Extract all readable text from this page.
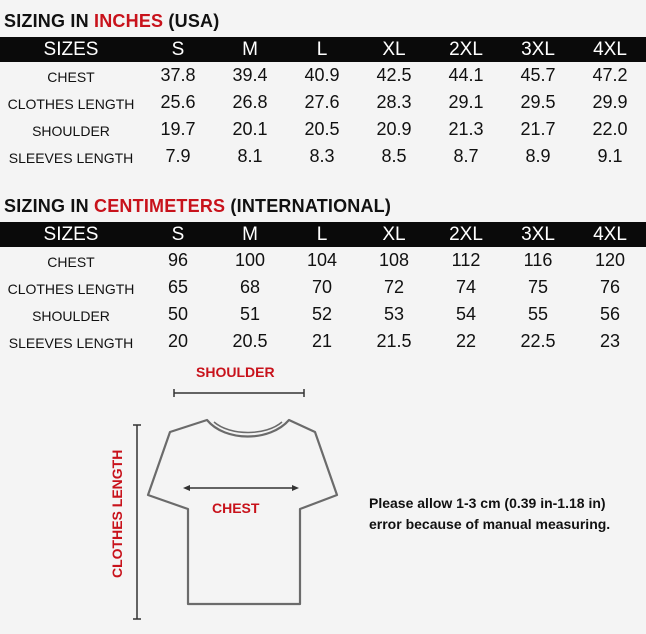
SIZING IN INCHES (USA)
SIZES	S	M	L	XL	2XL	3XL	4XL
CHEST	37.8	39.4	40.9	42.5	44.1	45.7	47.2
CLOTHES LENGTH	25.6	26.8	27.6	28.3	29.1	29.5	29.9
SHOULDER	19.7	20.1	20.5	20.9	21.3	21.7	22.0
SLEEVES LENGTH	7.9	8.1	8.3	8.5	8.7	8.9	9.1
SIZING IN CENTIMETERS (INTERNATIONAL)
SIZES	S	M	L	XL	2XL	3XL	4XL
CHEST	96	100	104	108	112	116	120
CLOTHES LENGTH	65	68	70	72	74	75	76
SHOULDER	50	51	52	53	54	55	56
SLEEVES LENGTH	20	20.5	21	21.5	22	22.5	23
SHOULDER
CHEST
CLOTHES LENGTH	Please allow 1-3 cm (0.39 in-1.18 in)
error because of manual measuring.
